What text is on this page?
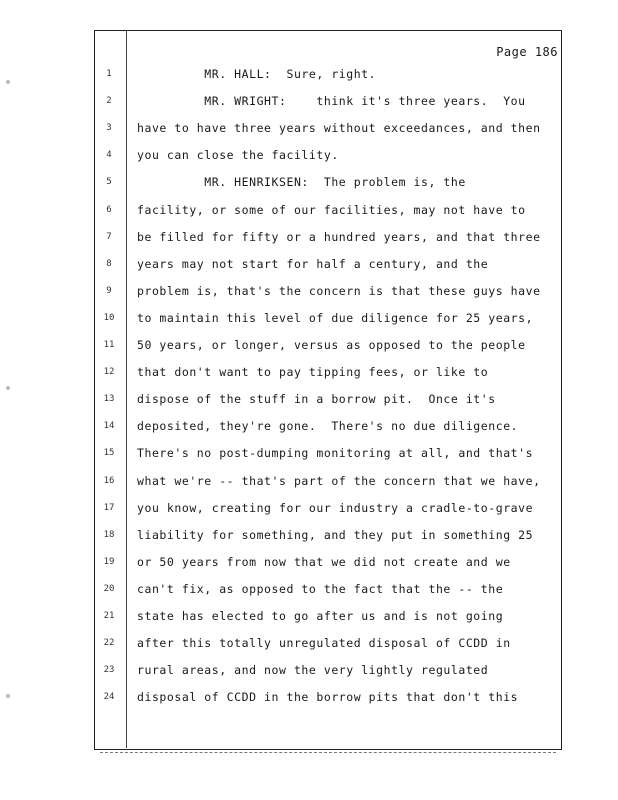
Page 186
1	MR. HALL:  Sure, right.
2	MR. WRIGHT:    think it's three years.  You
3	have to have three years without exceedances, and then
4	you can close the facility.
5	MR. HENRIKSEN:  The problem is, the
6	facility, or some of our facilities, may not have to
7	be filled for fifty or a hundred years, and that three
8	years may not start for half a century, and the
9	problem is, that's the concern is that these guys have
10	to maintain this level of due diligence for 25 years,
11	50 years, or longer, versus as opposed to the people
12	that don't want to pay tipping fees, or like to
13	dispose of the stuff in a borrow pit.  Once it's
14	deposited, they're gone.  There's no due diligence.
15	There's no post-dumping monitoring at all, and that's
16	what we're -- that's part of the concern that we have,
17	you know, creating for our industry a cradle-to-grave
18	liability for something, and they put in something 25
19	or 50 years from now that we did not create and we
20	can't fix, as opposed to the fact that the -- the
21	state has elected to go after us and is not going
22	after this totally unregulated disposal of CCDD in
23	rural areas, and now the very lightly regulated
24	disposal of CCDD in the borrow pits that don't this
